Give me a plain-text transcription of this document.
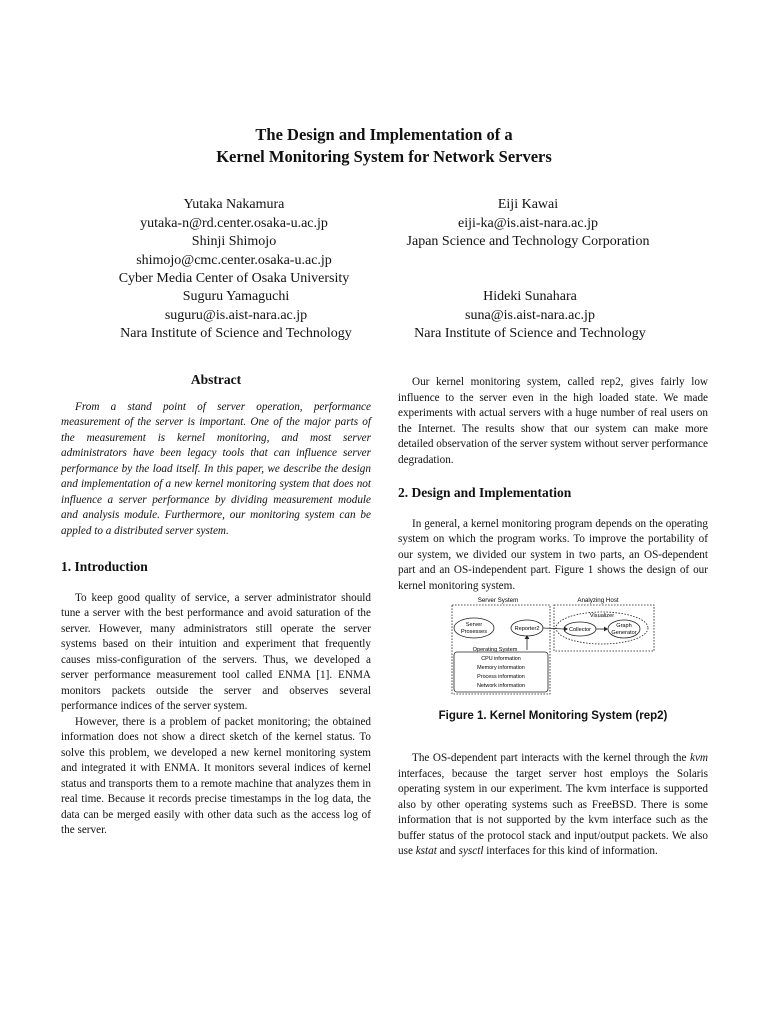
The Design and Implementation of a
Kernel Monitoring System for Network Servers
Yutaka Nakamura
yutaka-n@rd.center.osaka-u.ac.jp
Shinji Shimojo
shimojo@cmc.center.osaka-u.ac.jp
Cyber Media Center of Osaka University
Eiji Kawai
eiji-ka@is.aist-nara.ac.jp
Japan Science and Technology Corporation
Suguru Yamaguchi
suguru@is.aist-nara.ac.jp
Nara Institute of Science and Technology
Hideki Sunahara
suna@is.aist-nara.ac.jp
Nara Institute of Science and Technology
Abstract

From a stand point of server operation, performance measurement of the server is important. One of the major parts of the measurement is kernel monitoring, and most server administrators have been legacy tools that can influence server performance by the load itself. In this paper, we describe the design and implementation of a new kernel monitoring system that does not influence a server performance by dividing measurement module and analysis module. Furthermore, our monitoring system can be appled to a distributed server system.

1. Introduction

To keep good quality of service, a server administrator should tune a server with the best performance and avoid saturation of the server. However, many administrators still operate the server systems based on their intuition and experiment that frequently causes miss-configuration of the servers. Thus, we developed a server performance measurement tool called ENMA [1]. ENMA monitors packets outside the server and observes several performance indices of the server system.

However, there is a problem of packet monitoring; the obtained information does not show a direct sketch of the kernel status. To solve this problem, we developed a new kernel monitoring system and integrated it with ENMA. It monitors several indices of kernel status and transports them to a remote machine that analyzes them in real time. Because it records precise timestamps in the log data, the data can be merged easily with other data such as the access log of the server.

Our kernel monitoring system, called rep2, gives fairly low influence to the server even in the high loaded state. We made experiments with actual servers with a huge number of real users on the Internet. The results show that our system can make more detailed observation of the server system without server performance degradation.

2. Design and Implementation

In general, a kernel monitoring program depends on the operating system on which the program works. To improve the portability of our system, we divided our system in two parts, an OS-dependent part and an OS-independent part. Figure 1 shows the design of our kernel monitoring system.

Server System	Analyzing Host
Server
Prosesses	Reporter2
Visualizer
Collector
Graph
Generator
Operating System
CPU information
Memory information
Process information
Network information
Figure 1. Kernel Monitoring System (rep2)

The OS-dependent part interacts with the kernel through the kvm interfaces, because the target server host employs the Solaris operating system in our experiment. The kvm interface is supported also by other operating systems such as FreeBSD. There is some information that is not supported by the kvm interface such as the buffer status of the protocol stack and input/output packets. We also use kstat and sysctl interfaces for this kind of information.
